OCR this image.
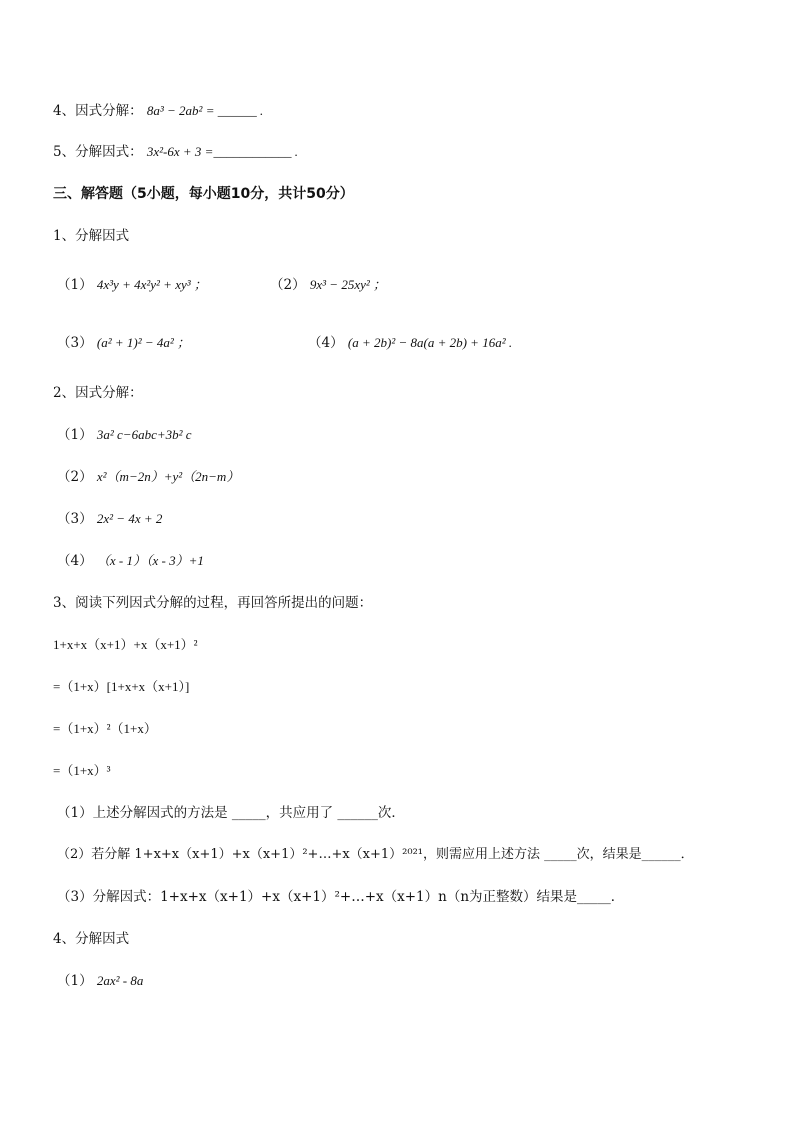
4、因式分解： 8a³ − 2ab² = ______ .
5、分解因式： 3x²-6x + 3 =____________ .
三、解答题（5小题，每小题10分，共计50分）
1、分解因式
（1） 4x³y + 4x²y² + xy³ ；	（2） 9x³ − 25xy² ；
（3） (a² + 1)² − 4a² ；	（4） (a + 2b)² − 8a(a + 2b) + 16a² .
2、因式分解：
（1） 3a² c−6abc+3b² c
（2） x²（m−2n）+y²（2n−m）
（3） 2x² − 4x + 2
（4） （x - 1）（x - 3）+1
3、阅读下列因式分解的过程，再回答所提出的问题：
1+x+x（x+1）+x（x+1）²
=（1+x）[1+x+x（x+1）]
=（1+x）²（1+x）
=（1+x）³
（1）上述分解因式的方法是 _____，共应用了 ______次．
（2）若分解 1+x+x（x+1）+x（x+1）²+…+x（x+1）²⁰²¹，则需应用上述方法 _____次，结果是______．
（3）分解因式：1+x+x（x+1）+x（x+1）²+…+x（x+1）n（n为正整数）结果是_____．
4、分解因式
（1） 2ax² - 8a
